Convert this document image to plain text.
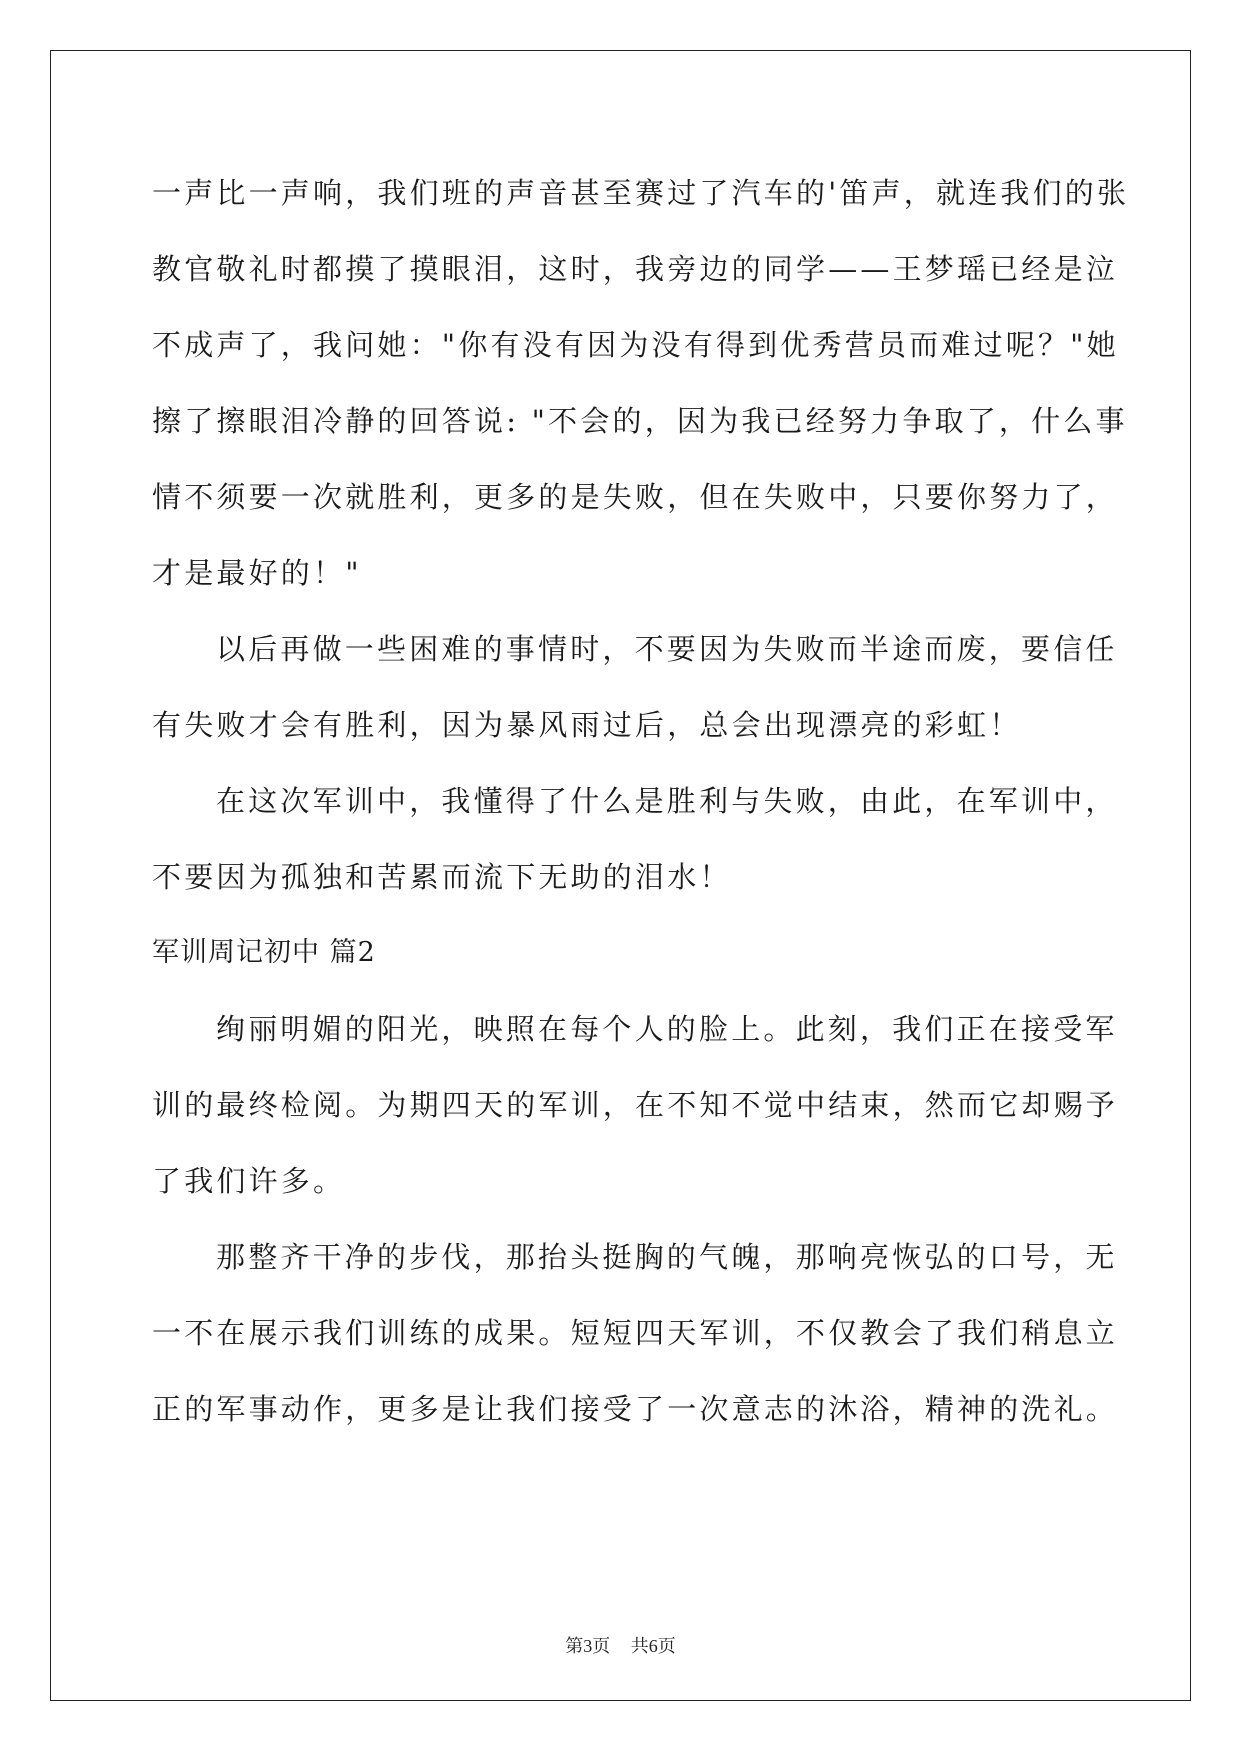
一声比一声响，我们班的声音甚至赛过了汽车的'笛声，就连我们的张
教官敬礼时都摸了摸眼泪，这时，我旁边的同学——王梦瑶已经是泣
不成声了，我问她："你有没有因为没有得到优秀营员而难过呢？"她
擦了擦眼泪冷静的回答说: "不会的，因为我已经努力争取了，什么事
情不须要一次就胜利，更多的是失败，但在失败中，只要你努力了，
才是最好的！"
以后再做一些困难的事情时，不要因为失败而半途而废，要信任
有失败才会有胜利，因为暴风雨过后，总会出现漂亮的彩虹！
在这次军训中，我懂得了什么是胜利与失败，由此，在军训中，
不要因为孤独和苦累而流下无助的泪水！
军训周记初中 篇2
绚丽明媚的阳光，映照在每个人的脸上。此刻，我们正在接受军
训的最终检阅。为期四天的军训，在不知不觉中结束，然而它却赐予
了我们许多。
那整齐干净的步伐，那抬头挺胸的气魄，那响亮恢弘的口号，无
一不在展示我们训练的成果。短短四天军训，不仅教会了我们稍息立
正的军事动作，更多是让我们接受了一次意志的沐浴，精神的洗礼。
第3页 共6页
